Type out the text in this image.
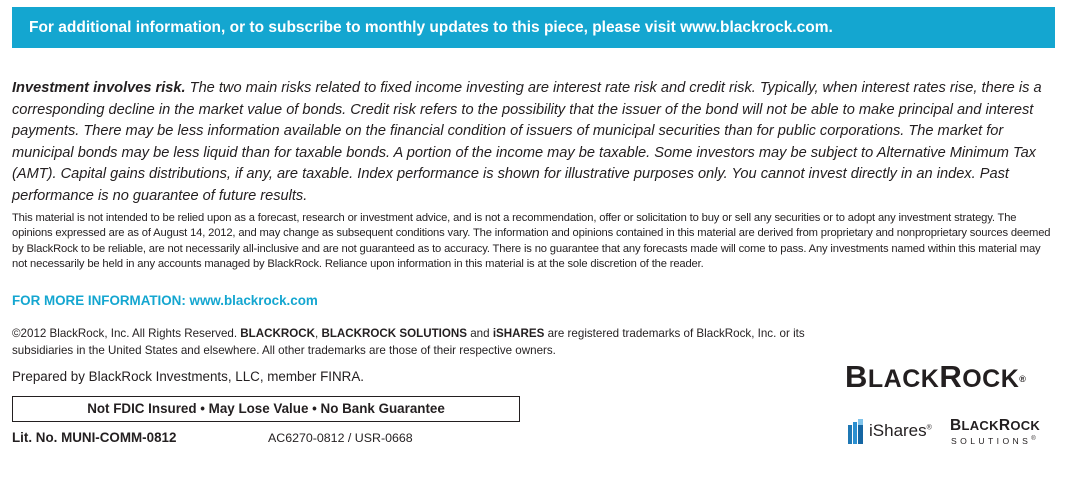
For additional information, or to subscribe to monthly updates to this piece, please visit www.blackrock.com.
Investment involves risk. The two main risks related to fixed income investing are interest rate risk and credit risk. Typically, when interest rates rise, there is a corresponding decline in the market value of bonds. Credit risk refers to the possibility that the issuer of the bond will not be able to make principal and interest payments. There may be less information available on the financial condition of issuers of municipal securities than for public corporations. The market for municipal bonds may be less liquid than for taxable bonds. A portion of the income may be taxable. Some investors may be subject to Alternative Minimum Tax (AMT). Capital gains distributions, if any, are taxable. Index performance is shown for illustrative purposes only. You cannot invest directly in an index. Past performance is no guarantee of future results.
This material is not intended to be relied upon as a forecast, research or investment advice, and is not a recommendation, offer or solicitation to buy or sell any securities or to adopt any investment strategy. The opinions expressed are as of August 14, 2012, and may change as subsequent conditions vary. The information and opinions contained in this material are derived from proprietary and nonproprietary sources deemed by BlackRock to be reliable, are not necessarily all-inclusive and are not guaranteed as to accuracy. There is no guarantee that any forecasts made will come to pass. Any investments named within this material may not necessarily be held in any accounts managed by BlackRock. Reliance upon information in this material is at the sole discretion of the reader.
FOR MORE INFORMATION: www.blackrock.com
©2012 BlackRock, Inc. All Rights Reserved. BLACKROCK, BLACKROCK SOLUTIONS and iSHARES are registered trademarks of BlackRock, Inc. or its subsidiaries in the United States and elsewhere. All other trademarks are those of their respective owners.
Prepared by BlackRock Investments, LLC, member FINRA.
Not FDIC Insured • May Lose Value • No Bank Guarantee
Lit. No. MUNI-COMM-0812	AC6270-0812 / USR-0668
BLACKROCK®
iShares® BLACKROCK
SOLUTIONS®
